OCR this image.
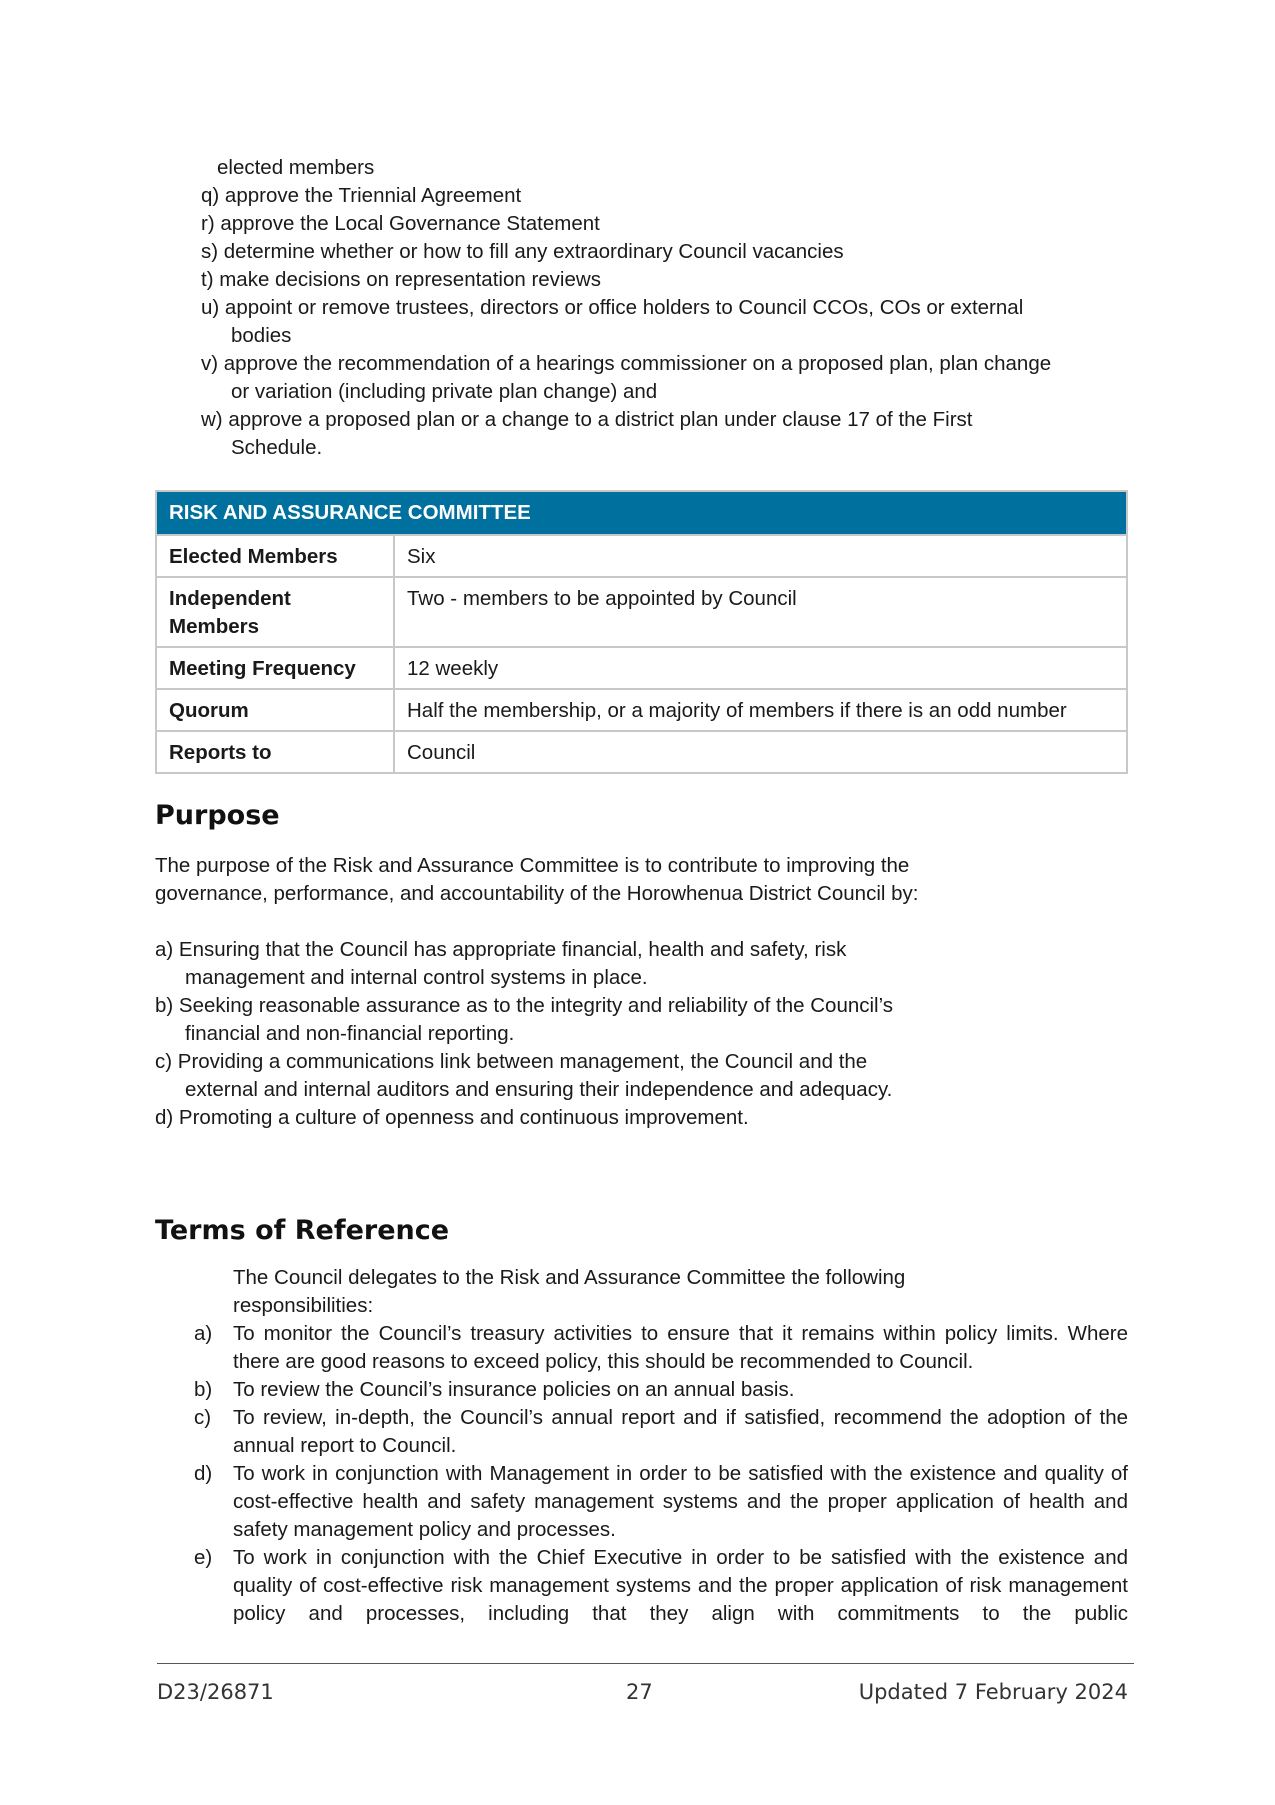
elected members
q) approve the Triennial Agreement
r) approve the Local Governance Statement
s) determine whether or how to fill any extraordinary Council vacancies
t) make decisions on representation reviews
u) appoint or remove trustees, directors or office holders to Council CCOs, COs or external
bodies
v) approve the recommendation of a hearings commissioner on a proposed plan, plan change
or variation (including private plan change) and
w) approve a proposed plan or a change to a district plan under clause 17 of the First
Schedule.
RISK AND ASSURANCE COMMITTEE	
Elected Members	Six
Independent Members	Two - members to be appointed by Council
Meeting Frequency	12 weekly
Quorum	Half the membership, or a majority of members if there is an odd number
Reports to	Council
Purpose
The purpose of the Risk and Assurance Committee is to contribute to improving the
governance, performance, and accountability of the Horowhenua District Council by:
a) Ensuring that the Council has appropriate financial, health and safety, risk
management and internal control systems in place.
b) Seeking reasonable assurance as to the integrity and reliability of the Council’s
financial and non-financial reporting.
c) Providing a communications link between management, the Council and the
external and internal auditors and ensuring their independence and adequacy.
d) Promoting a culture of openness and continuous improvement.
Terms of Reference
The Council delegates to the Risk and Assurance Committee the following
responsibilities:
a)	To monitor the Council’s treasury activities to ensure that it remains within policy limits. Where there are good reasons to exceed policy, this should be recommended to Council.
b)	To review the Council’s insurance policies on an annual basis.
c)	To review, in-depth, the Council’s annual report and if satisfied, recommend the adoption of the annual report to Council.
d)	To work in conjunction with Management in order to be satisfied with the existence and quality of cost-effective health and safety management systems and the proper application of health and safety management policy and processes.
e)	To work in conjunction with the Chief Executive in order to be satisfied with the existence and quality of cost-effective risk management systems and the proper application of risk management policy and processes, including that they align with commitments to the public
D23/26871	27	Updated 7 February 2024
